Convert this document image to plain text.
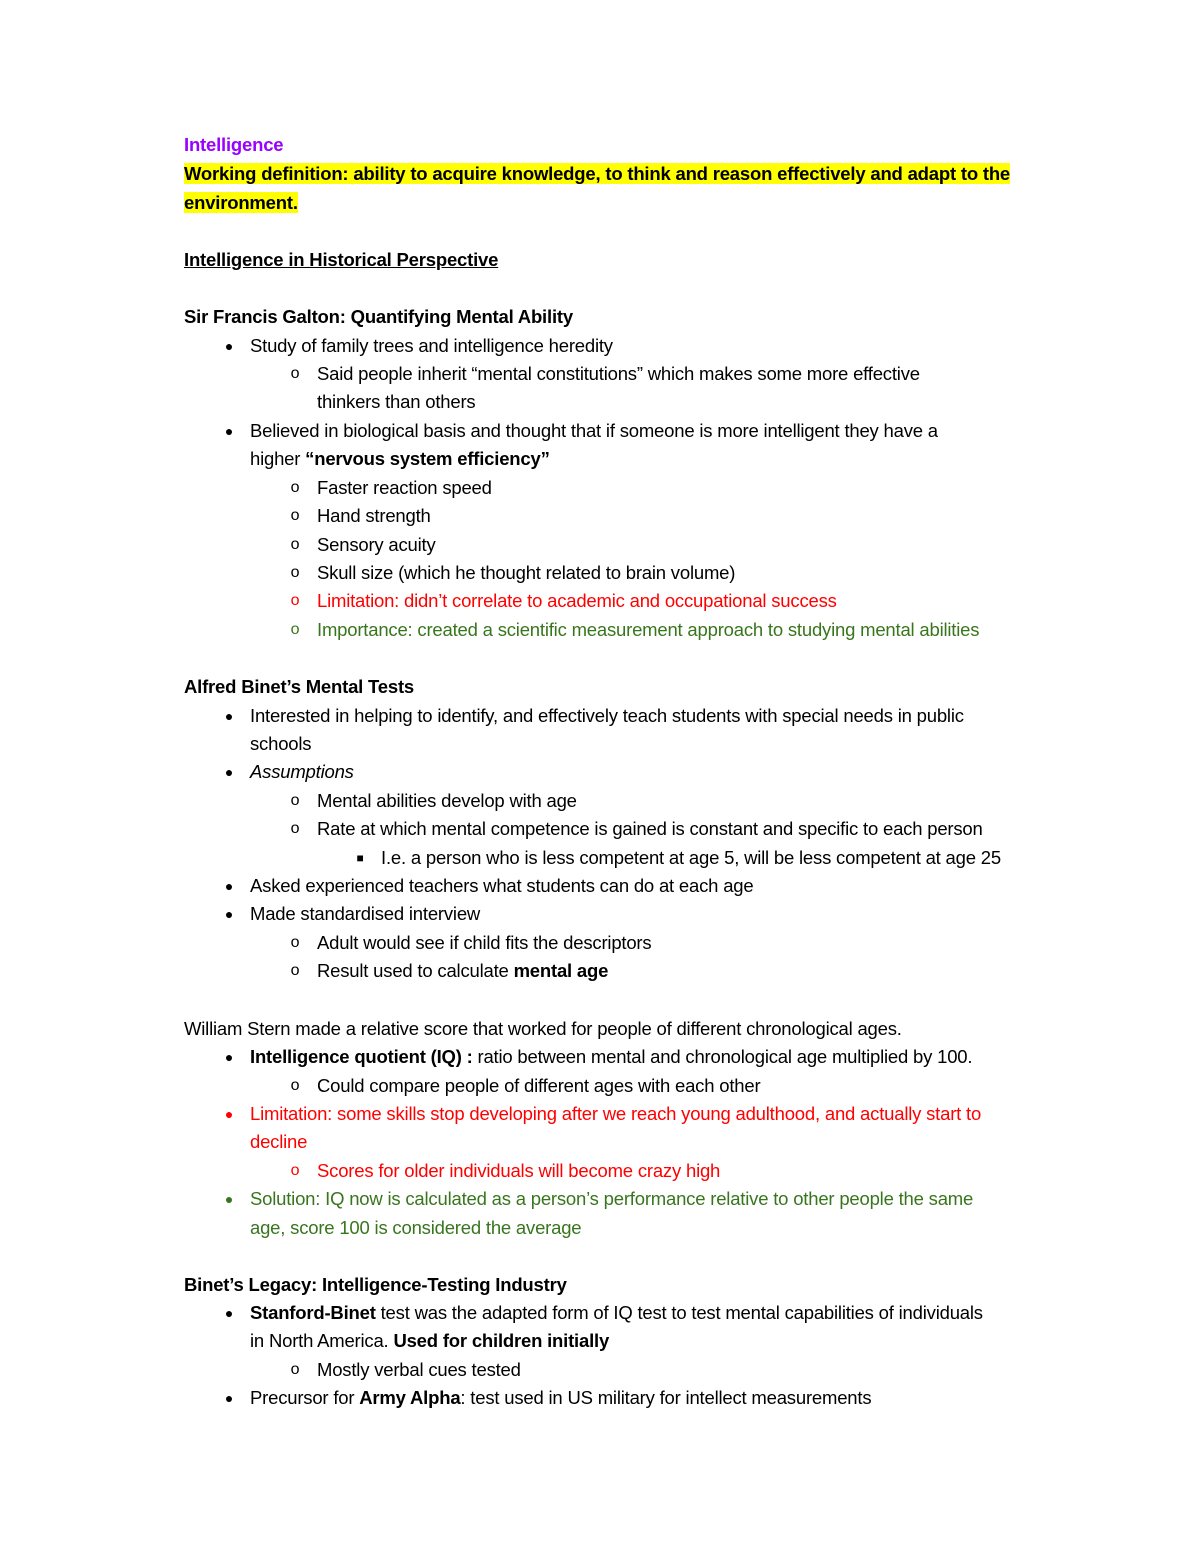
Intelligence
Working definition: ability to acquire knowledge, to think and reason effectively and adapt to the
environment.
Intelligence in Historical Perspective
Sir Francis Galton: Quantifying Mental Ability
● Study of family trees and intelligence heredity
o Said people inherit “mental constitutions” which makes some more effective
thinkers than others
● Believed in biological basis and thought that if someone is more intelligent they have a
higher “nervous system efficiency”
o Faster reaction speed
o Hand strength
o Sensory acuity
o Skull size (which he thought related to brain volume)
o Limitation: didn’t correlate to academic and occupational success
o Importance: created a scientific measurement approach to studying mental abilities
Alfred Binet’s Mental Tests
● Interested in helping to identify, and effectively teach students with special needs in public
schools
● Assumptions
o Mental abilities develop with age
o Rate at which mental competence is gained is constant and specific to each person
■ I.e. a person who is less competent at age 5, will be less competent at age 25
● Asked experienced teachers what students can do at each age
● Made standardised interview
o Adult would see if child fits the descriptors
o Result used to calculate mental age
William Stern made a relative score that worked for people of different chronological ages.
● Intelligence quotient (IQ) : ratio between mental and chronological age multiplied by 100.
o Could compare people of different ages with each other
● Limitation: some skills stop developing after we reach young adulthood, and actually start to
decline
o Scores for older individuals will become crazy high
● Solution: IQ now is calculated as a person’s performance relative to other people the same
age, score 100 is considered the average
Binet’s Legacy: Intelligence-Testing Industry
● Stanford-Binet test was the adapted form of IQ test to test mental capabilities of individuals
in North America. Used for children initially
o Mostly verbal cues tested
● Precursor for Army Alpha: test used in US military for intellect measurements
